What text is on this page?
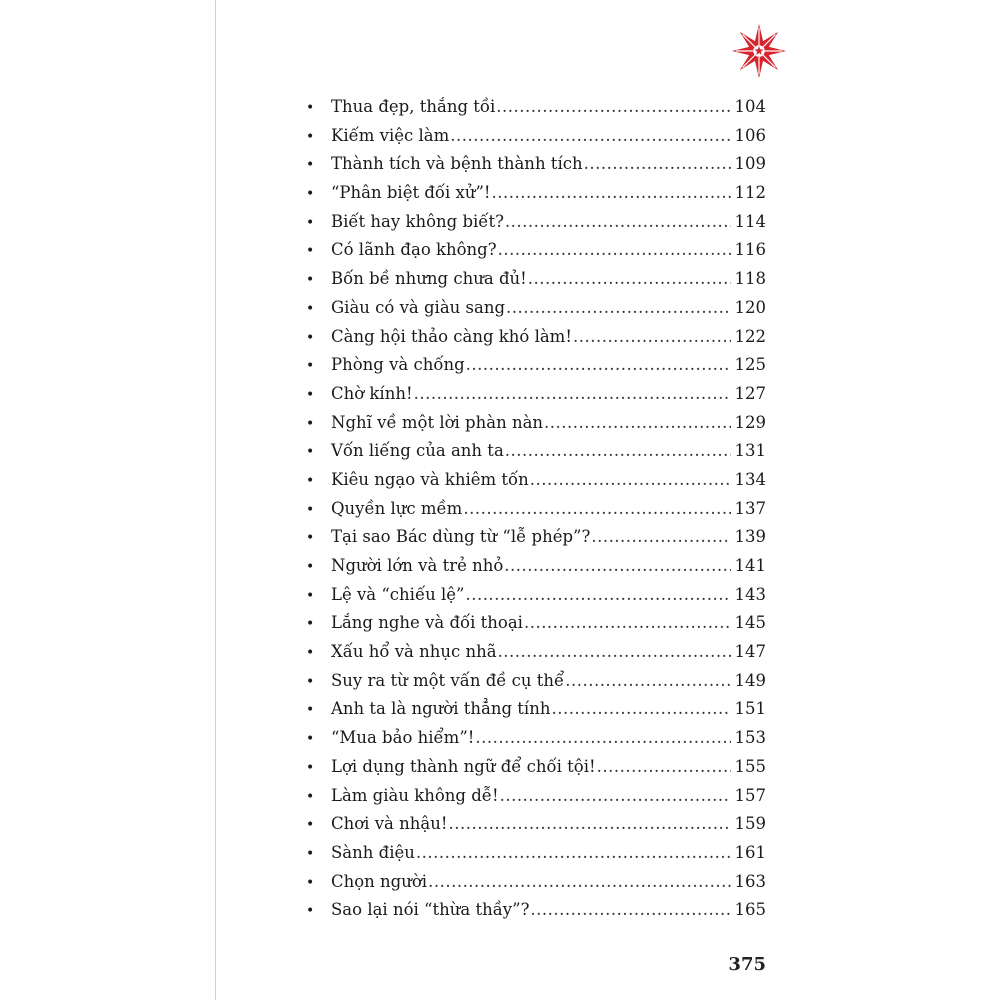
•	Thua đẹp, thắng tồi .....	104
•	Kiếm việc làm .....	106
•	Thành tích và bệnh thành tích .....	109
•	“Phân biệt đối xử”! .....	112
•	Biết hay không biết? .....	114
•	Có lãnh đạo không? .....	116
•	Bốn bề nhưng chưa đủ! .....	118
•	Giàu có và giàu sang .....	120
•	Càng hội thảo càng khó làm! .....	122
•	Phòng và chống .....	125
•	Chờ kính! .....	127
•	Nghĩ về một lời phàn nàn .....	129
•	Vốn liếng của anh ta .....	131
•	Kiêu ngạo và khiêm tốn .....	134
•	Quyền lực mềm .....	137
•	Tại sao Bác dùng từ “lễ phép”? .....	139
•	Người lớn và trẻ nhỏ .....	141
•	Lệ và “chiếu lệ” .....	143
•	Lắng nghe và đối thoại .....	145
•	Xấu hổ và nhục nhã .....	147
•	Suy ra từ một vấn đề cụ thể .....	149
•	Anh ta là người thẳng tính .....	151
•	“Mua bảo hiểm”! .....	153
•	Lợi dụng thành ngữ để chối tội! .....	155
•	Làm giàu không dễ! .....	157
•	Chơi và nhậu! .....	159
•	Sành điệu .....	161
•	Chọn người .....	163
•	Sao lại nói “thừa thầy”? .....	165
375
